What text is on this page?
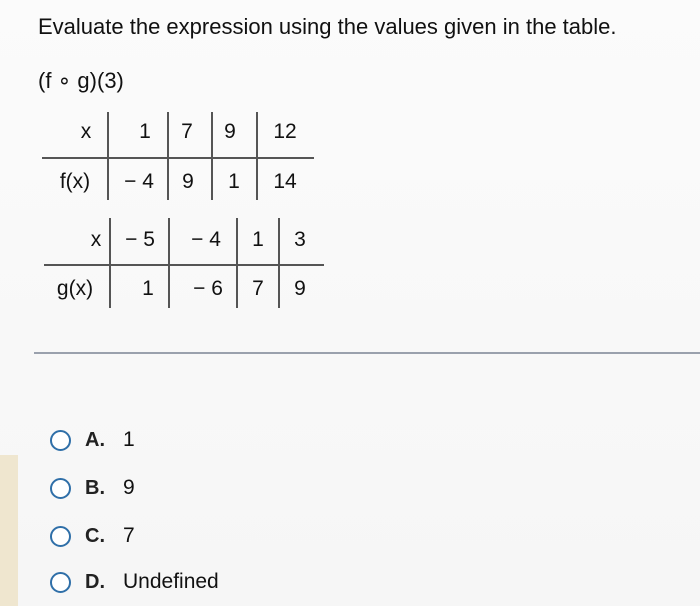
Evaluate the expression using the values given in the table.
(f ∘ g)(3)
x	1	7	9	12
f(x)	− 4	9	1	14
x	− 5	− 4	1	3
g(x)	1	− 6	7	9
A. 1
B. 9
C. 7
D. Undefined
